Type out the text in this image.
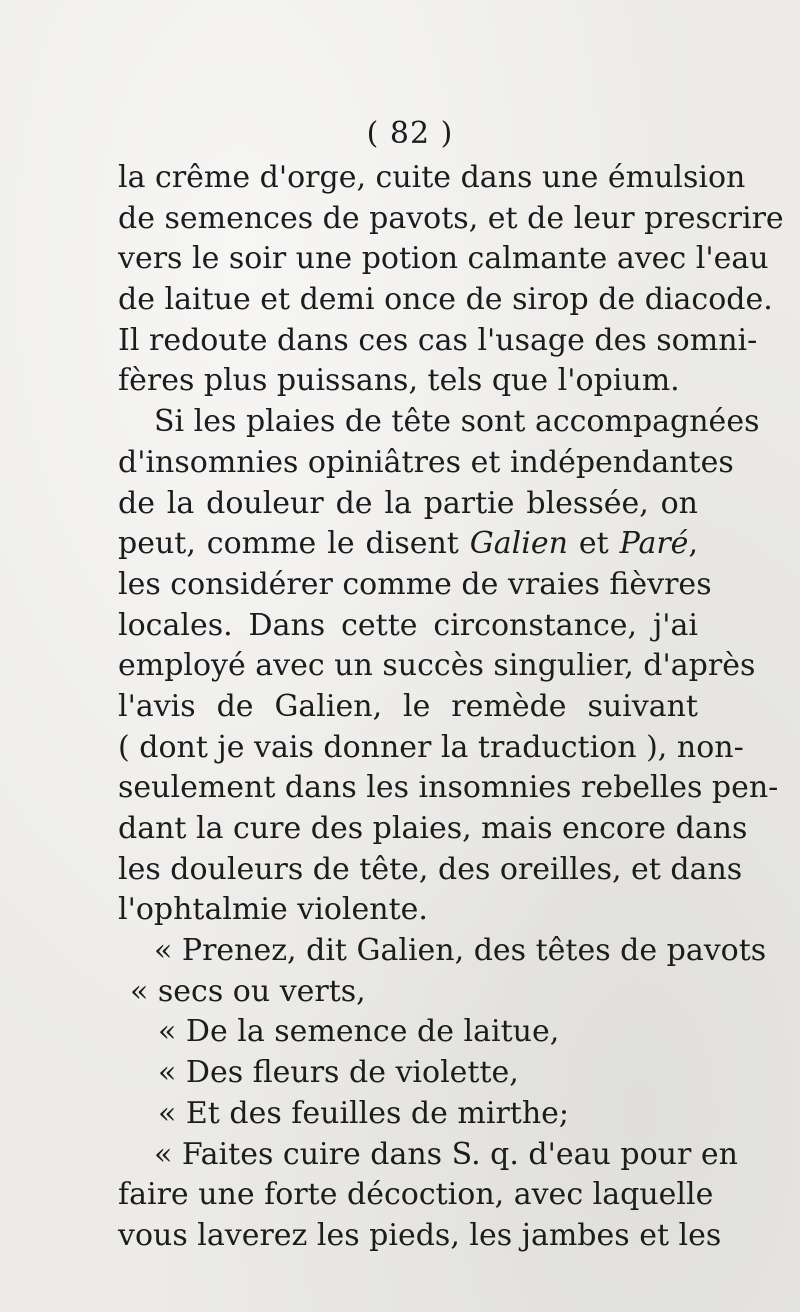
( 82 )
la crême d'orge, cuite dans une émulsion
de semences de pavots, et de leur prescrire
vers le soir une potion calmante avec l'eau
de laitue et demi once de sirop de diacode.
Il redoute dans ces cas l'usage des somni-
fères plus puissans, tels que l'opium.
Si les plaies de tête sont accompagnées
d'insomnies opiniâtres et indépendantes
de la douleur de la partie blessée, on
peut, comme le disent Galien et Paré,
les considérer comme de vraies fièvres
locales. Dans cette circonstance, j'ai
employé avec un succès singulier, d'après
l'avis de Galien, le remède suivant
( dont je vais donner la traduction ), non-
seulement dans les insomnies rebelles pen-
dant la cure des plaies, mais encore dans
les douleurs de tête, des oreilles, et dans
l'ophtalmie violente.
« Prenez, dit Galien, des têtes de pavots
« secs ou verts,
« De la semence de laitue,
« Des fleurs de violette,
« Et des feuilles de mirthe;
« Faites cuire dans S. q. d'eau pour en
faire une forte décoction, avec laquelle
vous laverez les pieds, les jambes et les
